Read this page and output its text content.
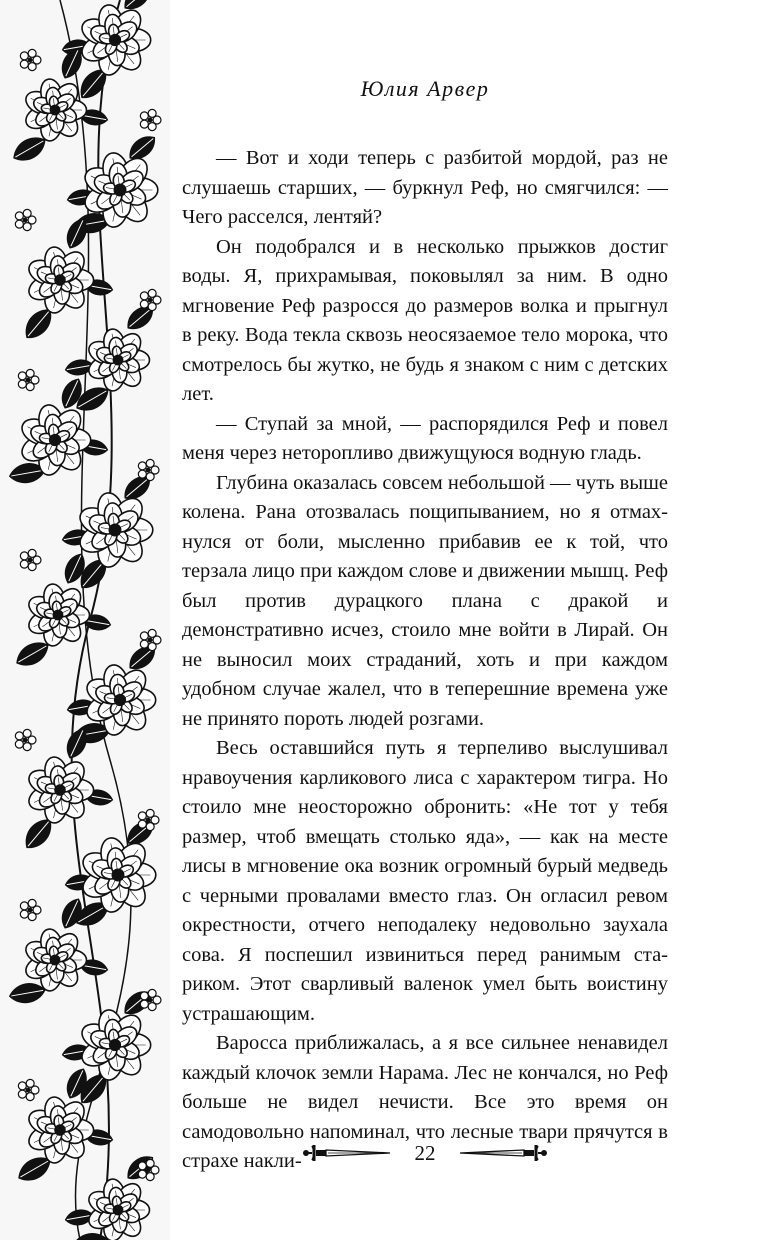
Юлия Арвер

— Вот и ходи теперь с разбитой мордой, раз не слушаешь старших, — буркнул Реф, но смягчился: — Чего расселся, лентяй?

Он подобрался и в несколько прыжков достиг воды. Я, прихрамывая, поковылял за ним. В одно мгновение Реф разросся до размеров волка и прыгнул в реку. Вода текла сквозь неосязаемое тело морока, что смотрелось бы жутко, не будь я знаком с ним с детских лет.

— Ступай за мной, — распорядился Реф и повел меня через неторопливо движущуюся водную гладь.

Глубина оказалась совсем небольшой — чуть выше колена. Рана отозвалась пощипыванием, но я отмахнулся от боли, мысленно прибавив ее к той, что терзала лицо при каждом слове и движении мышц. Реф был против дурацкого плана с дракой и демонстративно исчез, стоило мне войти в Лирай. Он не выносил моих страданий, хоть и при каждом удобном случае жалел, что в теперешние времена уже не принято пороть людей розгами.

Весь оставшийся путь я терпеливо выслушивал нравоучения карликового лиса с характером тигра. Но стоило мне неосторожно обронить: «Не тот у тебя размер, чтоб вмещать столько яда», — как на месте лисы в мгновение ока возник огромный бурый медведь с черными провалами вместо глаз. Он огласил ревом окрестности, отчего неподалеку недовольно заухала сова. Я поспешил извиниться перед ранимым стариком. Этот сварливый валенок умел быть воистину устрашающим.

Варосса приближалась, а я все сильнее ненавидел каждый клочок земли Нарама. Лес не кончался, но Реф больше не видел нечисти. Все это время он самодовольно напоминал, что лесные твари прячутся в страхе накли-	22
